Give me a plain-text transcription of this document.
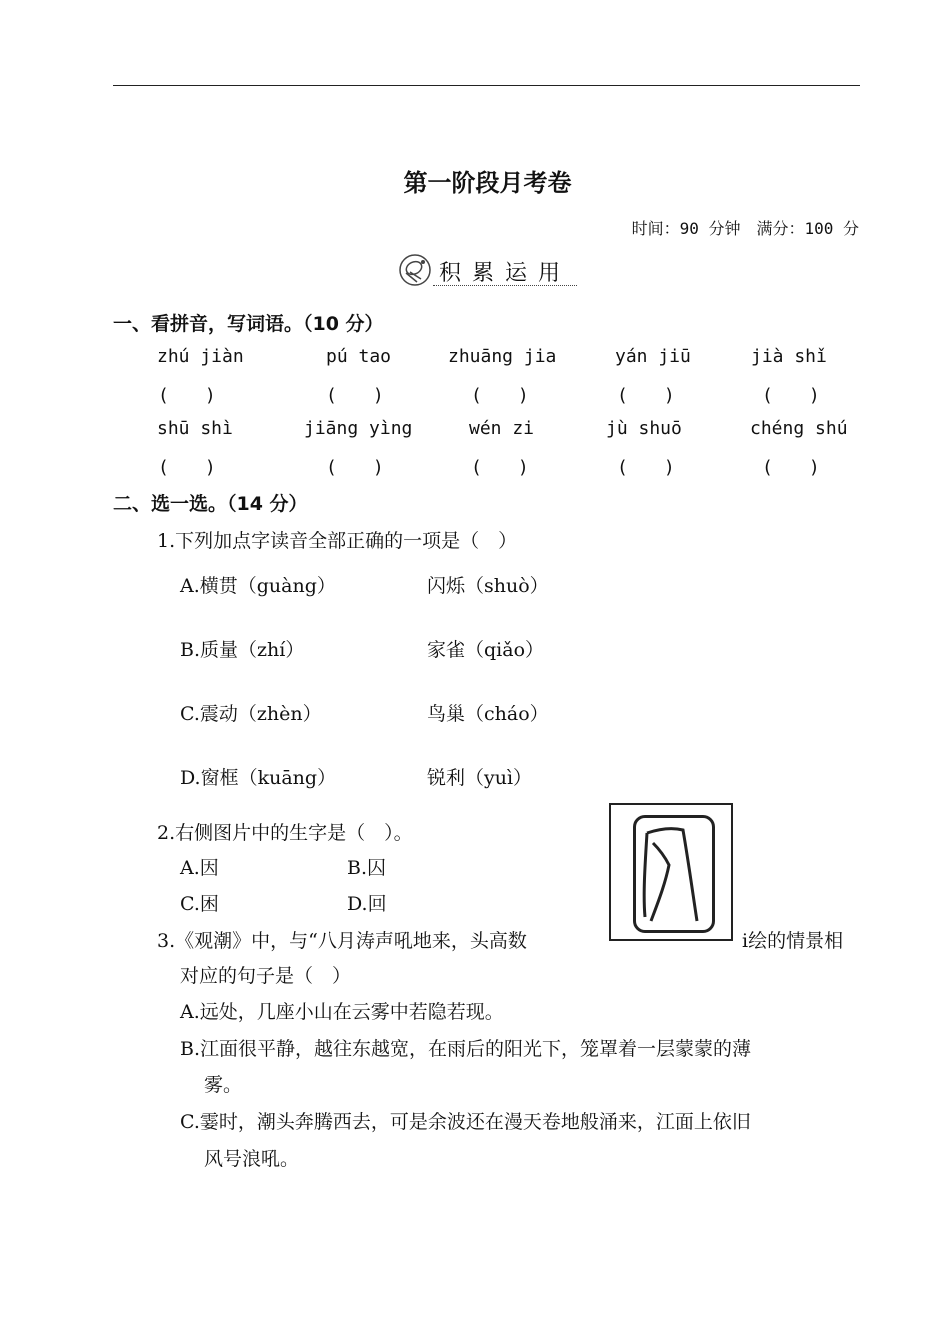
第一阶段月考卷
时间：90 分钟　满分：100 分
积累运用
一、看拼音，写词语。（10 分）
zhú jiàn	pú tao	zhuāng jia	yán jiū	jià shǐ
(　　)	(　　)	(　　)	(　　)	(　　)
shū shì	jiāng yìng	wén zi	jù shuō	chéng shú
(　　)	(　　)	(　　)	(　　)	(　　)
二、选一选。（14 分）
1.下列加点字读音全部正确的一项是（　）
A.横贯（guàng）	闪烁（shuò）
B.质量（zhí）	家雀（qiǎo）
C.震动（zhèn）	鸟巢（cháo）
D.窗框（kuāng）	锐利（yuì）
2.右侧图片中的生字是（　）。
A.因	B.囚
C.困	D.回
3.《观潮》中，与“八月涛声吼地来，头高数	i绘的情景相
对应的句子是（　）
A.远处，几座小山在云雾中若隐若现。
B.江面很平静，越往东越宽，在雨后的阳光下，笼罩着一层蒙蒙的薄
雾。
C.霎时，潮头奔腾西去，可是余波还在漫天卷地般涌来，江面上依旧
风号浪吼。
